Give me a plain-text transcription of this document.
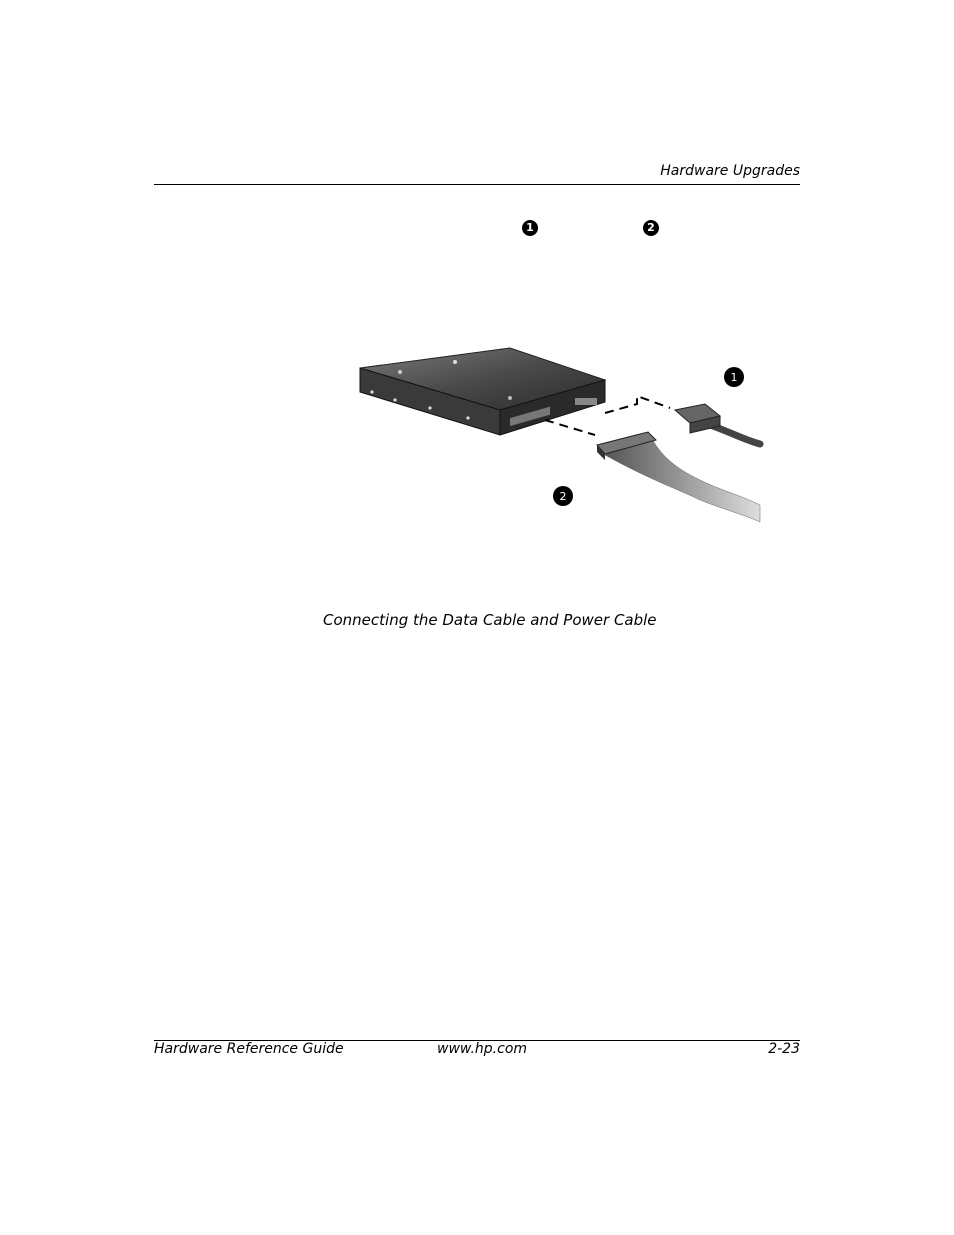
Hardware Upgrades
1	2
1
2
Connecting the Data Cable and Power Cable
Hardware Reference Guide	www.hp.com	2-23
